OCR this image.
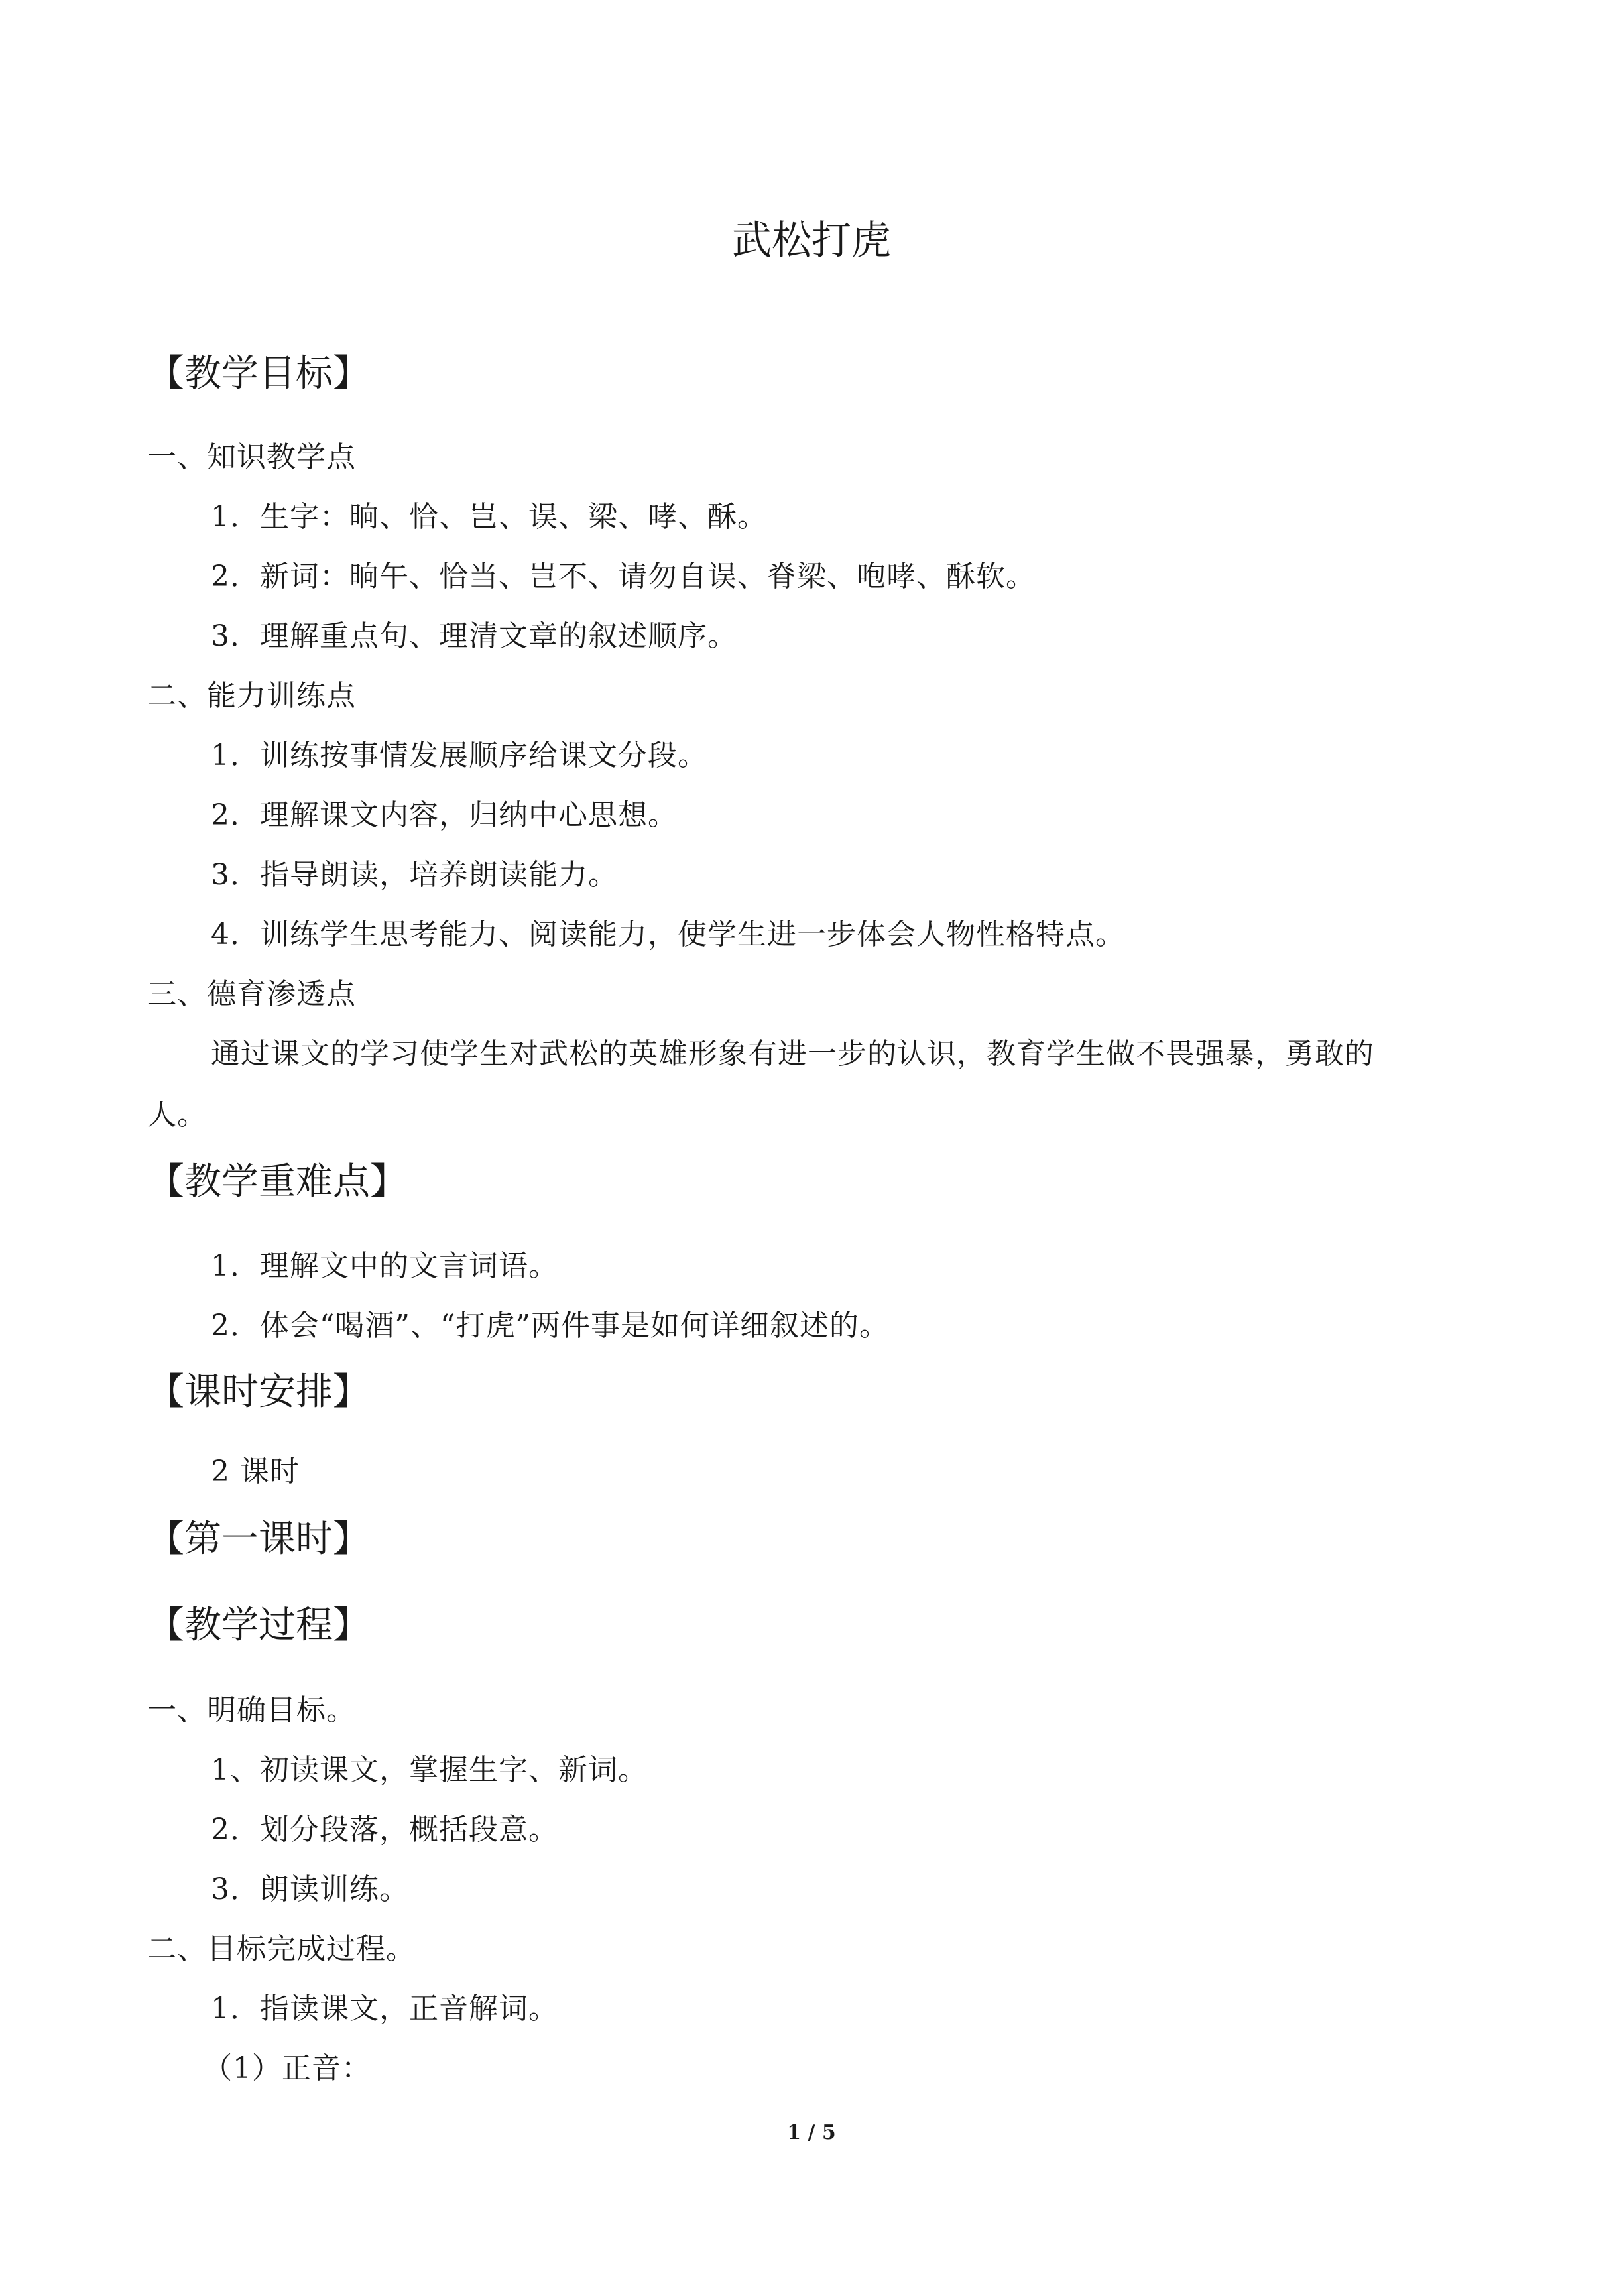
武松打虎
【教学目标】
一、知识教学点
1．生字：晌、恰、岂、误、梁、哮、酥。
2．新词：晌午、恰当、岂不、请勿自误、脊梁、咆哮、酥软。
3．理解重点句、理清文章的叙述顺序。
二、能力训练点
1．训练按事情发展顺序给课文分段。
2．理解课文内容，归纳中心思想。
3．指导朗读，培养朗读能力。
4．训练学生思考能力、阅读能力，使学生进一步体会人物性格特点。
三、德育渗透点
通过课文的学习使学生对武松的英雄形象有进一步的认识，教育学生做不畏强暴，勇敢的
人。
【教学重难点】
1．理解文中的文言词语。
2．体会“喝酒”、“打虎”两件事是如何详细叙述的。
【课时安排】
2 课时
【第一课时】
【教学过程】
一、明确目标。
1、初读课文，掌握生字、新词。
2．划分段落，概括段意。
3．朗读训练。
二、目标完成过程。
1．指读课文，正音解词。
（1）正音：
1 / 5
